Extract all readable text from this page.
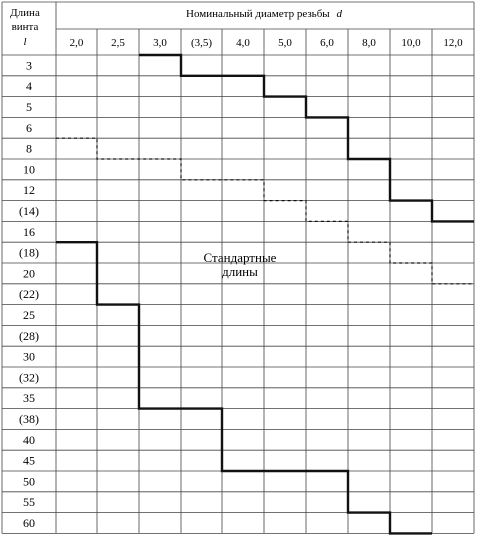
Длина
винта
l
Номинальный диаметр резьбы d
2,0	2,5	3,0 (3,5) 4,0	5,0	6,0	8,0 10,0 12,0
3
4
5
6
8
10
12
(14)
16
(18)
20
(22)
25
(28)
30
(32)
35
(38)
40
45
50
55
60
Стандартные
длины
